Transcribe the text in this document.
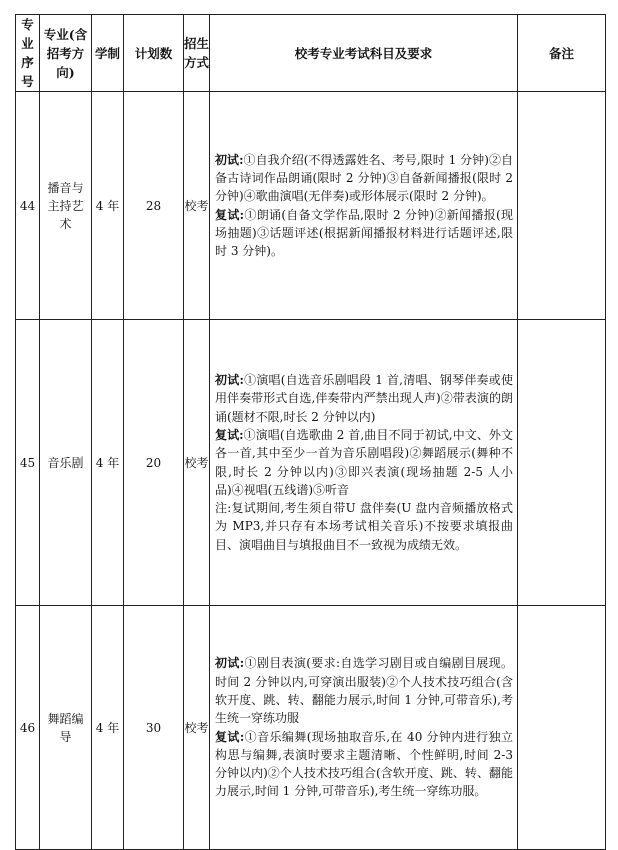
专业序号	专业(含招考方向)	学制	计划数	招生方式	校考专业考试科目及要求	备注
44	播音与主持艺术	4 年	28	校考	初试:①自我介绍(不得透露姓名、考号,限时 1 分钟)②自备古诗词作品朗诵(限时 2 分钟)③自备新闻播报(限时 2 分钟)④歌曲演唱(无伴奏)或形体展示(限时 2 分钟)。
复试:①朗诵(自备文学作品,限时 2 分钟)②新闻播报(现场抽题)③话题评述(根据新闻播报材料进行话题评述,限时 3 分钟)。	

45	音乐剧	4 年	20	校考	初试:①演唱(自选音乐剧唱段 1 首,清唱、钢琴伴奏或使用伴奏带形式自选,伴奏带内严禁出现人声)②带表演的朗诵(题材不限,时长 2 分钟以内)
复试:①演唱(自选歌曲 2 首,曲目不同于初试,中文、外文各一首,其中至少一首为音乐剧唱段)②舞蹈展示(舞种不限,时长 2 分钟以内)③即兴表演(现场抽题 2-5 人小品)④视唱(五线谱)⑤听音
注:复试期间,考生须自带U 盘伴奏(U 盘内音频播放格式为 MP3,并只存有本场考试相关音乐)不按要求填报曲目、演唱曲目与填报曲目不一致视为成绩无效。	

46	舞蹈编导	4 年	30	校考	初试:①剧目表演(要求:自选学习剧目或自编剧目展现。时间 2 分钟以内,可穿演出服装)②个人技术技巧组合(含软开度、跳、转、翻能力展示,时间 1 分钟,可带音乐),考生统一穿练功服
复试:①音乐编舞(现场抽取音乐,在 40 分钟内进行独立构思与编舞,表演时要求主题清晰、个性鲜明,时间 2-3 分钟以内)②个人技术技巧组合(含软开度、跳、转、翻能力展示,时间 1 分钟,可带音乐),考生统一穿练功服。	
